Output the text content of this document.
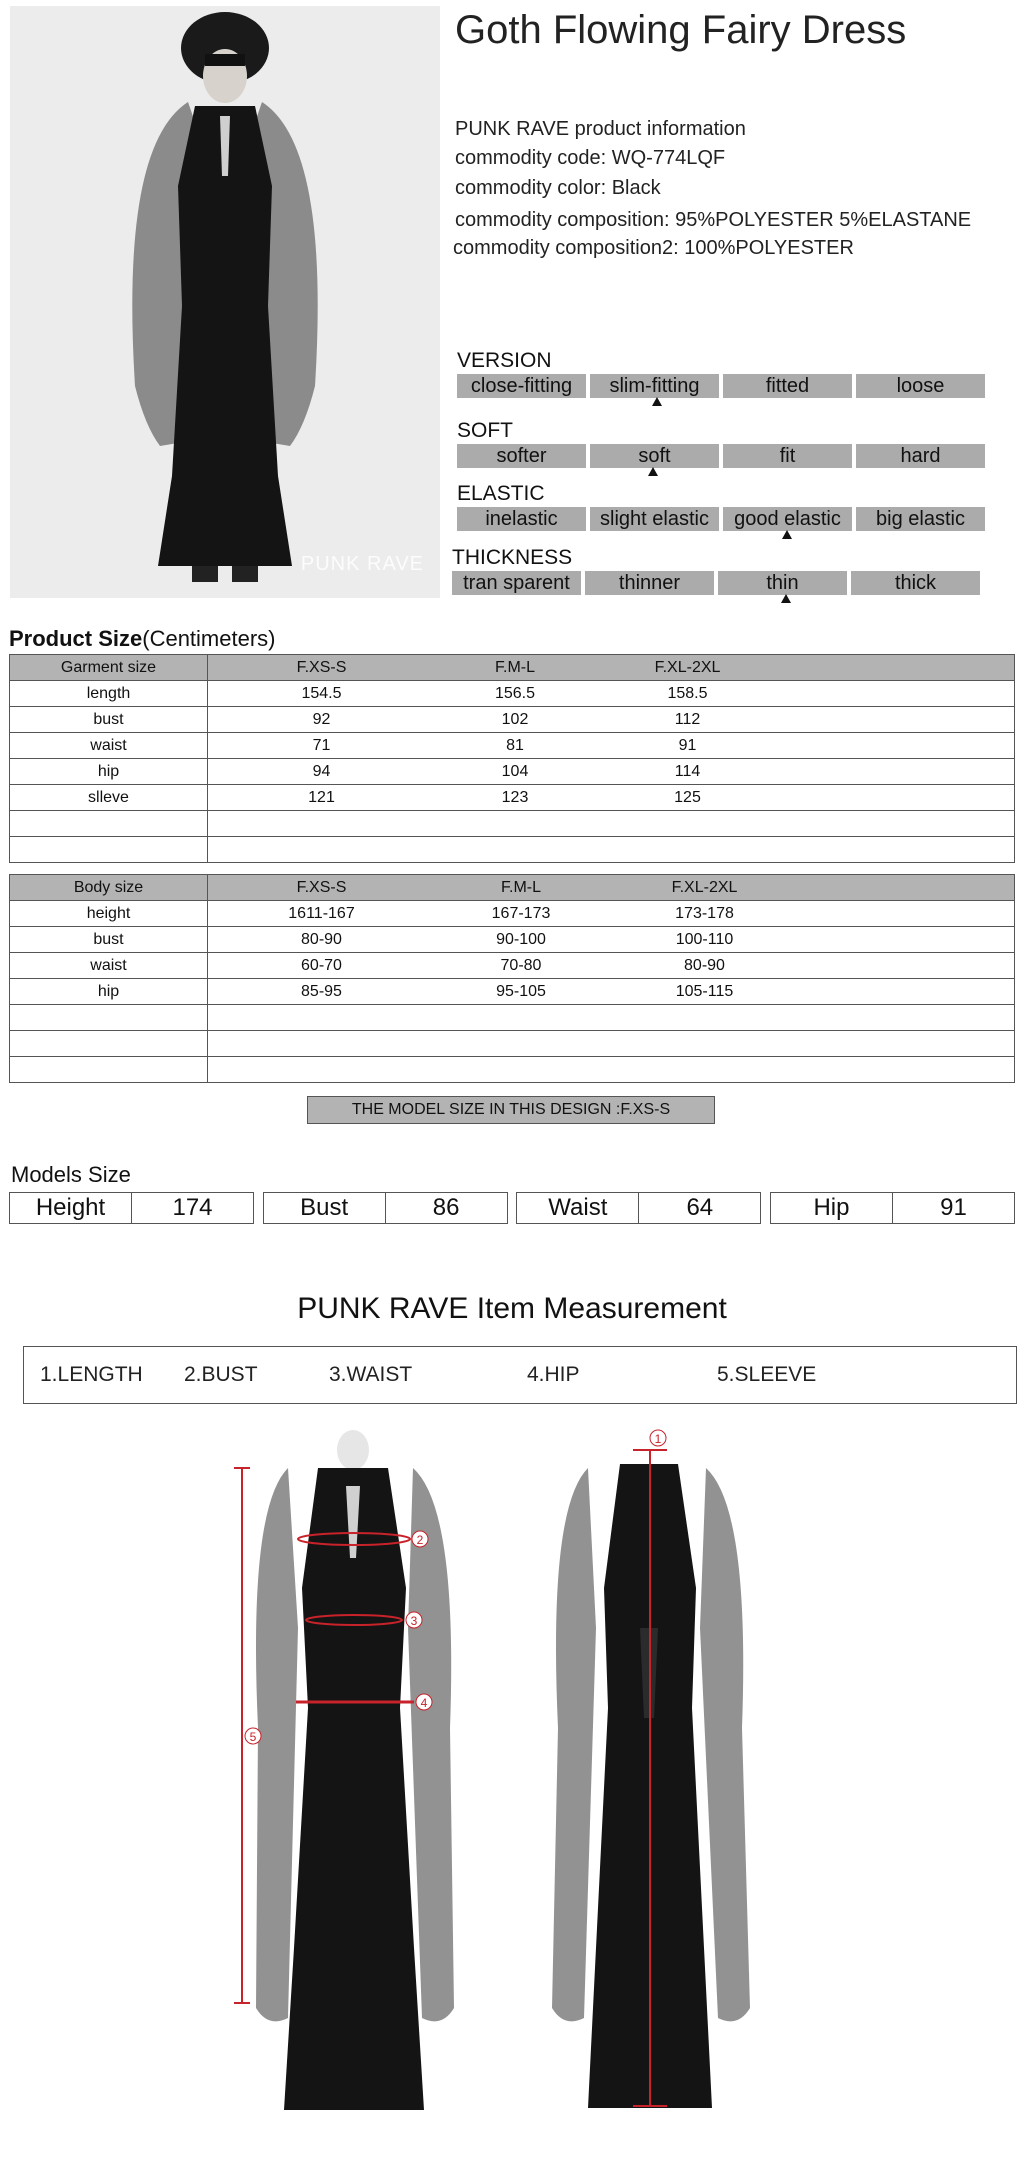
PUNK RAVE
Goth Flowing Fairy Dress
PUNK RAVE product information
commodity code: WQ-774LQF
commodity color: Black
commodity composition: 95%POLYESTER 5%ELASTANE
commodity composition2: 100%POLYESTER
VERSION
close-fitting	slim-fitting	fitted	loose
SOFT
softer	soft	fit	hard
ELASTIC
inelastic	slight elastic	good elastic	big elastic
THICKNESS
tran sparent	thinner	thin	thick
Product Size(Centimeters)
Garment size	F.XS-S F.M-L F.XL-2XL

length	154.5 156.5 158.5

bust	92 102 112

waist	71 81 91

hip	94 104 114

slleve	121 123 125

Body size	F.XS-S F.M-L F.XL-2XL

height	1611-167 167-173 173-178

bust	80-90 90-100 100-110

waist	60-70 70-80 80-90

hip	85-95 95-105 105-115

THE MODEL SIZE IN THIS DESIGN :F.XS-S
Models Size
Height	174	Bust	86	Waist	64	Hip	91
PUNK RAVE Item Measurement
1.LENGTH 2.BUST	3.WAIST	4.HIP	5.SLEEVE
5
2
3
4
1
